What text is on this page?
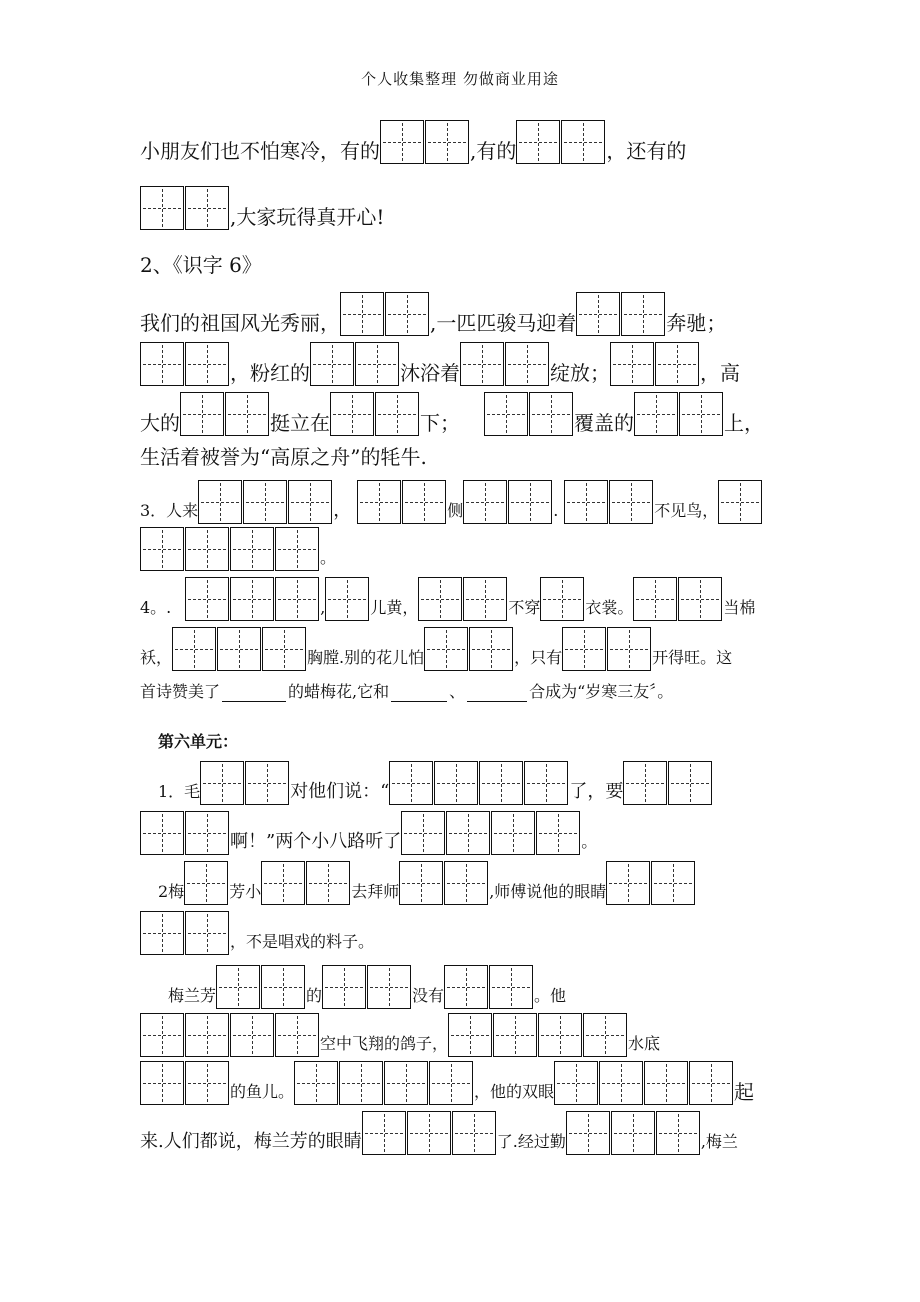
个人收集整理 勿做商业用途
小朋友们也不怕寒冷，有的	,有的	，还有的
,大家玩得真开心!
2、《识字 6》
我们的祖国风光秀丽，	,一匹匹骏马迎着	奔驰；
，粉红的	沐浴着	绽放；	，高
大的	挺立在	下；	覆盖的	上，
生活着被誉为“高原之舟”的牦牛.
3．人来	，	侧	.	不见鸟，
。
4。.	,	儿黄，	不穿	衣裳。	当棉
袄，	胸膛.别的花儿怕	，只有	开得旺。这
首诗赞美了	的蜡梅花,它和	、	合成为“岁寒三友〞。
第六单元：
1．毛	对他们说：“	了，要
啊！”两个小八路听了	。
2梅	芳小	去拜师	,师傅说他的眼睛
，不是唱戏的料子。
梅兰芳	的	没有	。他
空中飞翔的鸽子，	水底
的鱼儿。	，他的双眼	起
来.人们都说，梅兰芳的眼睛	了.经过勤	,梅兰
